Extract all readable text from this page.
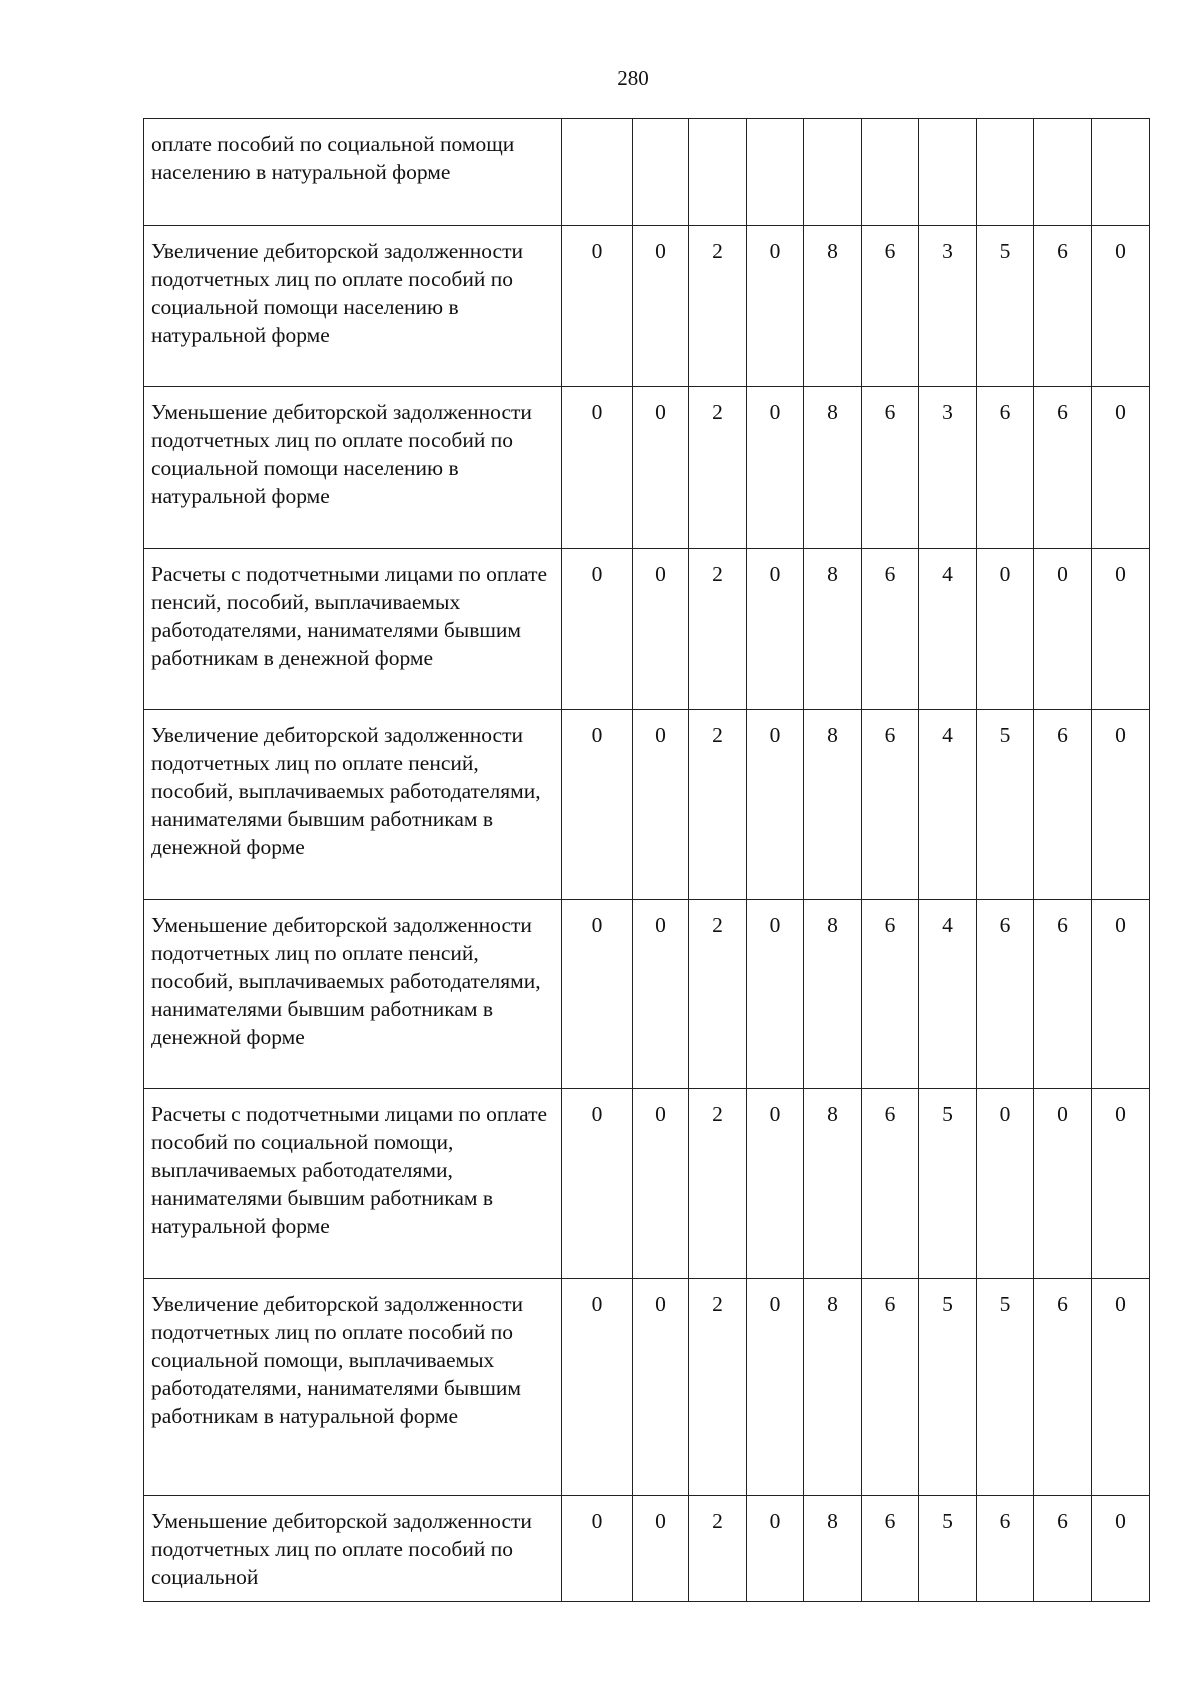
280
оплате пособий по социальной помощи населению в натуральной форме										
Увеличение дебиторской задолженности подотчетных лиц по оплате пособий по социальной помощи населению в натуральной форме	0	0	2	0	8	6	3	5	6	0
Уменьшение дебиторской задолженности подотчетных лиц по оплате пособий по социальной помощи населению в натуральной форме	0	0	2	0	8	6	3	6	6	0
Расчеты с подотчетными лицами по оплате пенсий, пособий, выплачиваемых работодателями, нанимателями бывшим работникам в денежной форме	0	0	2	0	8	6	4	0	0	0
Увеличение дебиторской задолженности подотчетных лиц по оплате пенсий, пособий, выплачиваемых работодателями, нанимателями бывшим работникам в денежной форме	0	0	2	0	8	6	4	5	6	0
Уменьшение дебиторской задолженности подотчетных лиц по оплате пенсий, пособий, выплачиваемых работодателями, нанимателями бывшим работникам в денежной форме	0	0	2	0	8	6	4	6	6	0
Расчеты с подотчетными лицами по оплате пособий по социальной помощи, выплачиваемых работодателями, нанимателями бывшим работникам в натуральной форме	0	0	2	0	8	6	5	0	0	0
Увеличение дебиторской задолженности подотчетных лиц по оплате пособий по социальной помощи, выплачиваемых работодателями, нанимателями бывшим работникам в натуральной форме	0	0	2	0	8	6	5	5	6	0
Уменьшение дебиторской задолженности подотчетных лиц по оплате пособий по социальной	0	0	2	0	8	6	5	6	6	0
